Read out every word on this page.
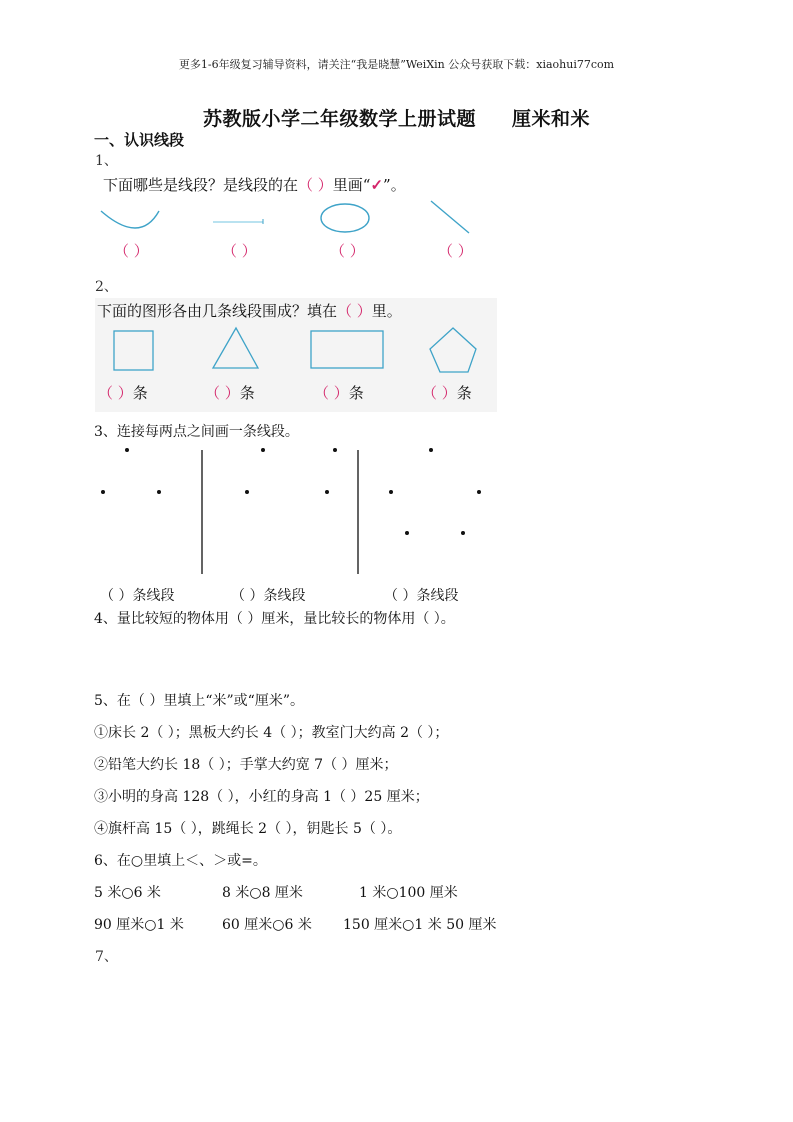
更多1-6年级复习辅导资料，请关注“我是晓慧”WeiXin 公众号获取下载：xiaohui77com
苏教版小学二年级数学上册试题 厘米和米
一、认识线段
1、
下面哪些是线段？是线段的在（ ）里画“✓”。
（ ）	（ ）	（ ）	（ ）
2、
下面的图形各由几条线段围成？填在（ ）里。
（ ）条	（ ）条	（ ）条	（ ）条
3、连接每两点之间画一条线段。
（ ）条线段	（ ）条线段	（ ）条线段
4、量比较短的物体用（ ）厘米，量比较长的物体用（ ）。
5、在（ ）里填上“米”或“厘米”。
①床长 2（ ）；黑板大约长 4（ ）；教室门大约高 2（ ）；
②铅笔大约长 18（ ）；手掌大约宽 7（ ）厘米；
③小明的身高 128（ ），小红的身高 1（ ）25 厘米；
④旗杆高 15（ ），跳绳长 2（ ），钥匙长 5（ ）。
6、在○里填上＜、＞或=。
5 米○6 米	8 米○8 厘米	1 米○100 厘米
90 厘米○1 米	60 厘米○6 米 150 厘米○1 米 50 厘米
7、
